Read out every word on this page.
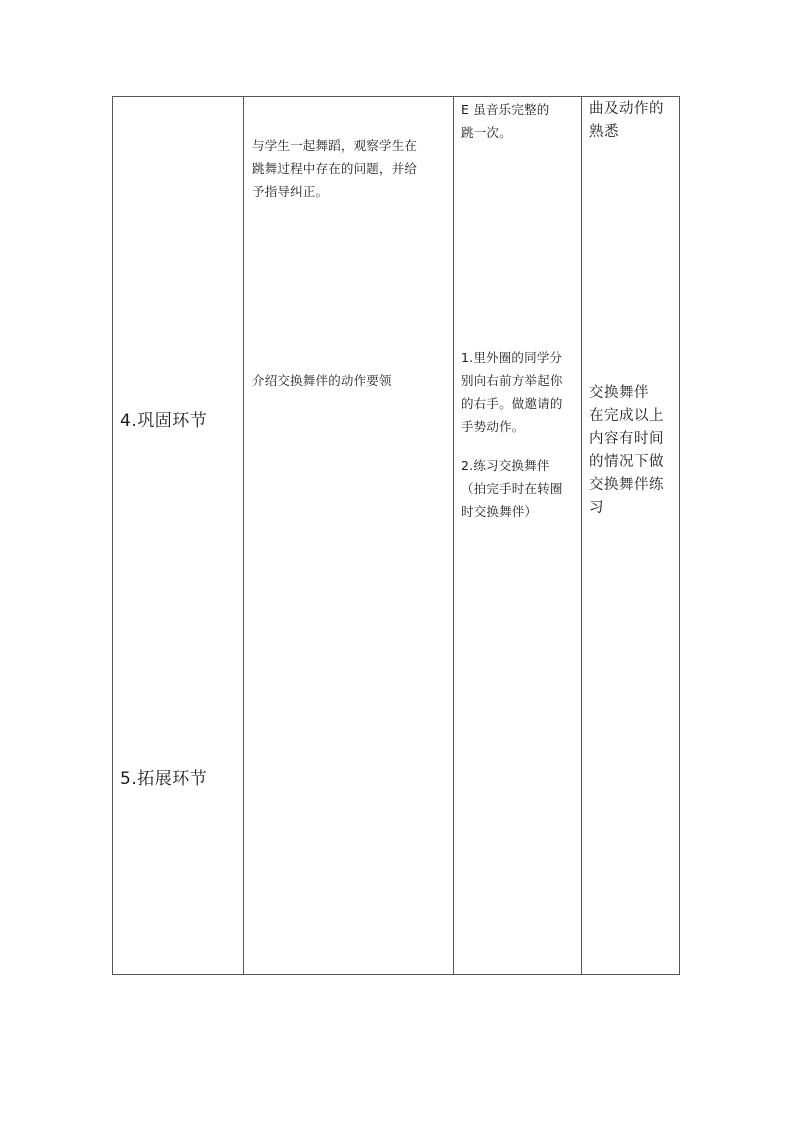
4.巩固环节
5.拓展环节
与学生一起舞蹈，观察学生在
跳舞过程中存在的问题，并给
予指导纠正。
介绍交换舞伴的动作要领
E 虽音乐完整的
跳一次。
1.里外圈的同学分
别向右前方举起你
的右手。做邀请的
手势动作。
2.练习交换舞伴
（拍完手时在转圈
时交换舞伴）
曲及动作的
熟悉
交换舞伴
在完成以上
内容有时间
的情况下做
交换舞伴练
习
